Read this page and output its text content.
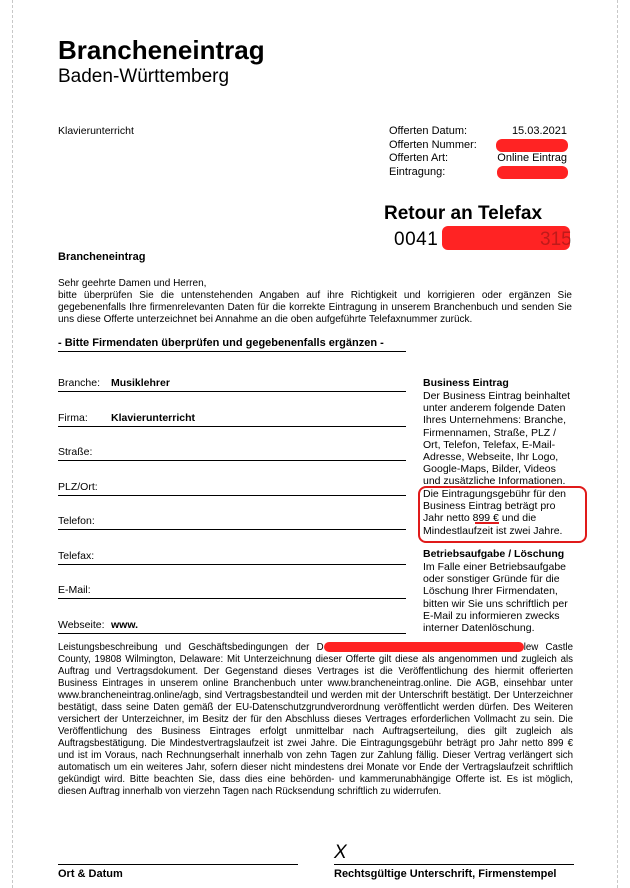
Brancheneintrag
Baden-Württemberg
Klavierunterricht	Offerten Datum:	15.03.2021
Offerten Nummer:
Offerten Art:	Online Eintrag
Eintragung:
Retour an Telefax
0041	315
Brancheneintrag
Sehr geehrte Damen und Herren,
bitte überprüfen Sie die untenstehenden Angaben auf ihre Richtigkeit und korrigieren oder ergänzen Sie gegebenenfalls Ihre firmenrelevanten Daten für die korrekte Eintragung in unserem Branchenbuch und senden Sie uns diese Offerte unterzeichnet bei Annahme an die oben aufgeführte Telefaxnummer zurück.
- Bitte Firmendaten überprüfen und gegebenenfalls ergänzen -
Branche: Musiklehrer
Firma: Klavierunterricht
Straße:
PLZ/Ort:
Telefon:
Telefax:
E-Mail:
Webseite: www.
Business Eintrag
Der Business Eintrag beinhaltet unter anderem folgende Daten Ihres Unternehmens: Branche, Firmennamen, Straße, PLZ / Ort, Telefon, Telefax, E-Mail-Adresse, Webseite, Ihr Logo, Google-Maps, Bilder, Videos und zusätzliche Informationen.
Die Eintragungsgebühr für den Business Eintrag beträgt pro Jahr netto 899 € und die Mindestlaufzeit ist zwei Jahre.
Betriebsaufgabe / Löschung
Im Falle einer Betriebsaufgabe oder sonstiger Gründe für die Löschung Ihrer Firmendaten, bitten wir Sie uns schriftlich per E-Mail zu informieren zwecks interner Datenlöschung.
Leistungsbeschreibung und Geschäftsbedingungen der D	lew Castle County, 19808 Wilmington, Delaware: Mit Unterzeichnung dieser Offerte gilt diese als angenommen und zugleich als Auftrag und Vertragsdokument. Der Gegenstand dieses Vertrages ist die Veröffentlichung des hiermit offerierten Business Eintrages in unserem online Branchenbuch unter www.brancheneintrag.online. Die AGB, einsehbar unter www.brancheneintrag.online/agb, sind Vertragsbestandteil und werden mit der Unterschrift bestätigt. Der Unterzeichner bestätigt, dass seine Daten gemäß der EU-Datenschutzgrundverordnung veröffentlicht werden dürfen. Des Weiteren versichert der Unterzeichner, im Besitz der für den Abschluss dieses Vertrages erforderlichen Vollmacht zu sein. Die Veröffentlichung des Business Eintrages erfolgt unmittelbar nach Auftragserteilung, dies gilt zugleich als Auftragsbestätigung. Die Mindestvertragslaufzeit ist zwei Jahre. Die Eintragungsgebühr beträgt pro Jahr netto 899 € und ist im Voraus, nach Rechnungserhalt innerhalb von zehn Tagen zur Zahlung fällig. Dieser Vertrag verlängert sich automatisch um ein weiteres Jahr, sofern dieser nicht mindestens drei Monate vor Ende der Vertragslaufzeit schriftlich gekündigt wird. Bitte beachten Sie, dass dies eine behörden- und kammerunabhängige Offerte ist. Es ist möglich, diesen Auftrag innerhalb von vierzehn Tagen nach Rücksendung schriftlich zu widerrufen.
Ort & Datum	Rechtsgültige Unterschrift, Firmenstempel
X
